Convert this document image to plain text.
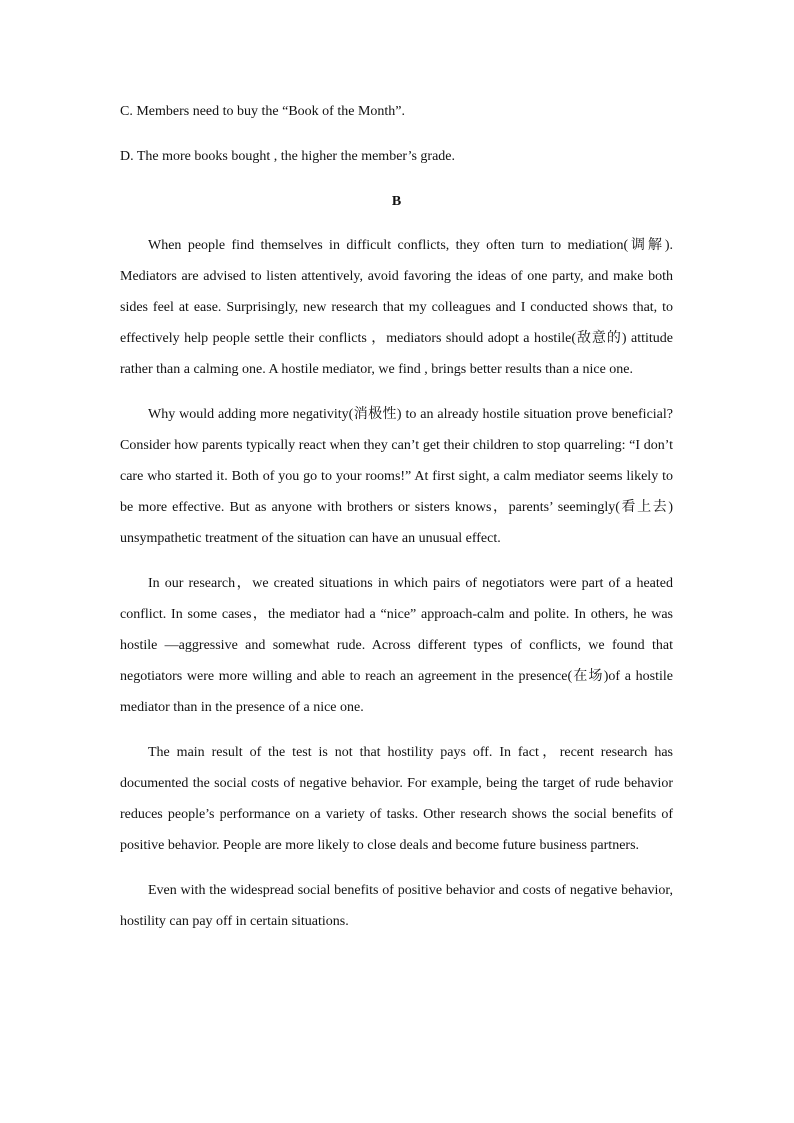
C. Members need to buy the “Book of the Month”.
D. The more books bought , the higher the member’s grade.
B

When people find themselves in difficult conflicts, they often turn to mediation(调解). Mediators are advised to listen attentively, avoid favoring the ideas of one party, and make both sides feel at ease. Surprisingly, new research that my colleagues and I conducted shows that, to effectively help people settle their conflicts ，mediators should adopt a hostile(敌意的) attitude rather than a calming one. A hostile mediator, we find , brings better results than a nice one.

Why would adding more negativity(消极性) to an already hostile situation prove beneficial? Consider how parents typically react when they can’t get their children to stop quarreling: “I don’t care who started it. Both of you go to your rooms!” At first sight, a calm mediator seems likely to be more effective. But as anyone with brothers or sisters knows，parents’ seemingly(看上去) unsympathetic treatment of the situation can have an unusual effect.

In our research，we created situations in which pairs of negotiators were part of a heated conflict. In some cases，the mediator had a “nice” approach-calm and polite. In others, he was hostile —aggressive and somewhat rude. Across different types of conflicts, we found that negotiators were more willing and able to reach an agreement in the presence(在场)of a hostile mediator than in the presence of a nice one.

The main result of the test is not that hostility pays off. In fact，recent research has documented the social costs of negative behavior. For example, being the target of rude behavior reduces people’s performance on a variety of tasks. Other research shows the social benefits of positive behavior. People are more likely to close deals and become future business partners.

Even with the widespread social benefits of positive behavior and costs of negative behavior, hostility can pay off in certain situations.
